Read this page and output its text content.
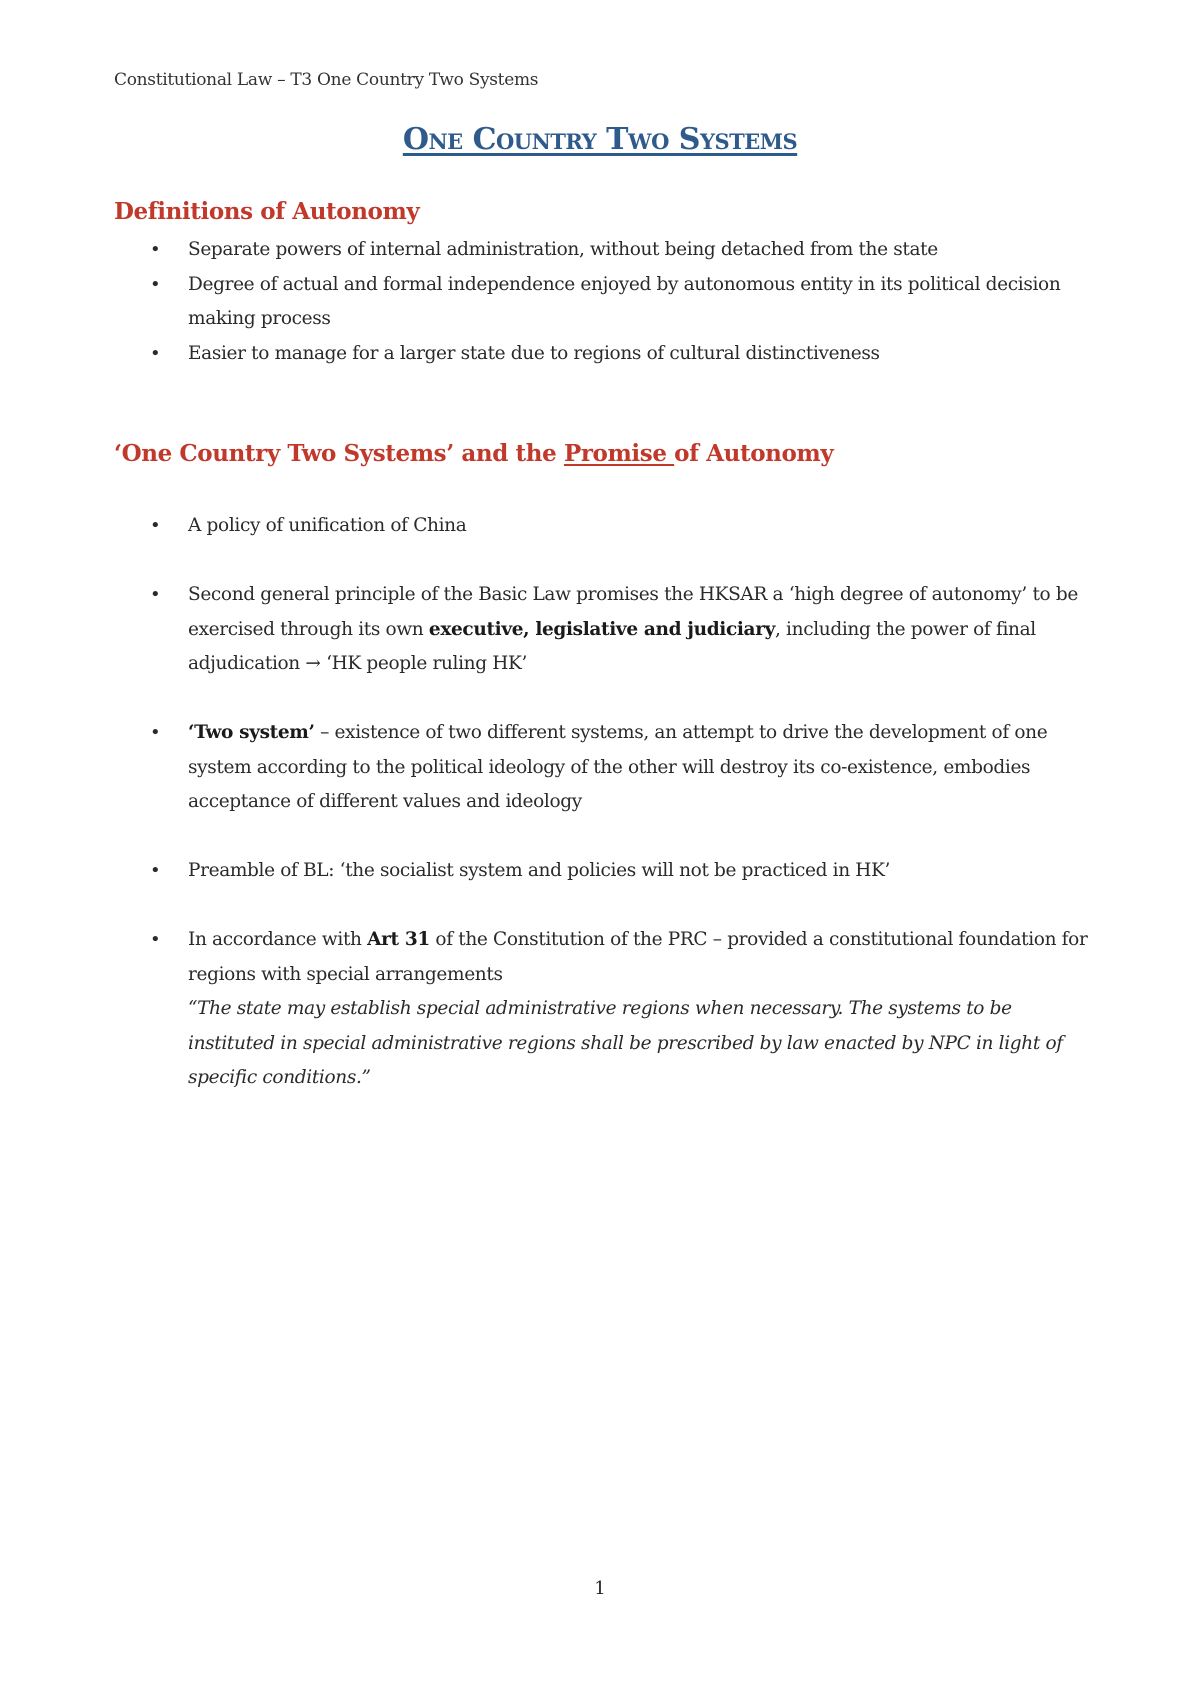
Constitutional Law – T3 One Country Two Systems
One Country Two Systems
Definitions of Autonomy
• Separate powers of internal administration, without being detached from the state
• Degree of actual and formal independence enjoyed by autonomous entity in its political decision making process
• Easier to manage for a larger state due to regions of cultural distinctiveness
‘One Country Two Systems’ and the Promise of Autonomy
• A policy of unification of China
• Second general principle of the Basic Law promises the HKSAR a ‘high degree of autonomy’ to be exercised through its own executive, legislative and judiciary, including the power of final adjudication → ‘HK people ruling HK’
• ‘Two system’ – existence of two different systems, an attempt to drive the development of one system according to the political ideology of the other will destroy its co-existence, embodies acceptance of different values and ideology
• Preamble of BL: ‘the socialist system and policies will not be practiced in HK’
• In accordance with Art 31 of the Constitution of the PRC – provided a constitutional foundation for regions with special arrangements
“The state may establish special administrative regions when necessary. The systems to be instituted in special administrative regions shall be prescribed by law enacted by NPC in light of specific conditions.”
1
